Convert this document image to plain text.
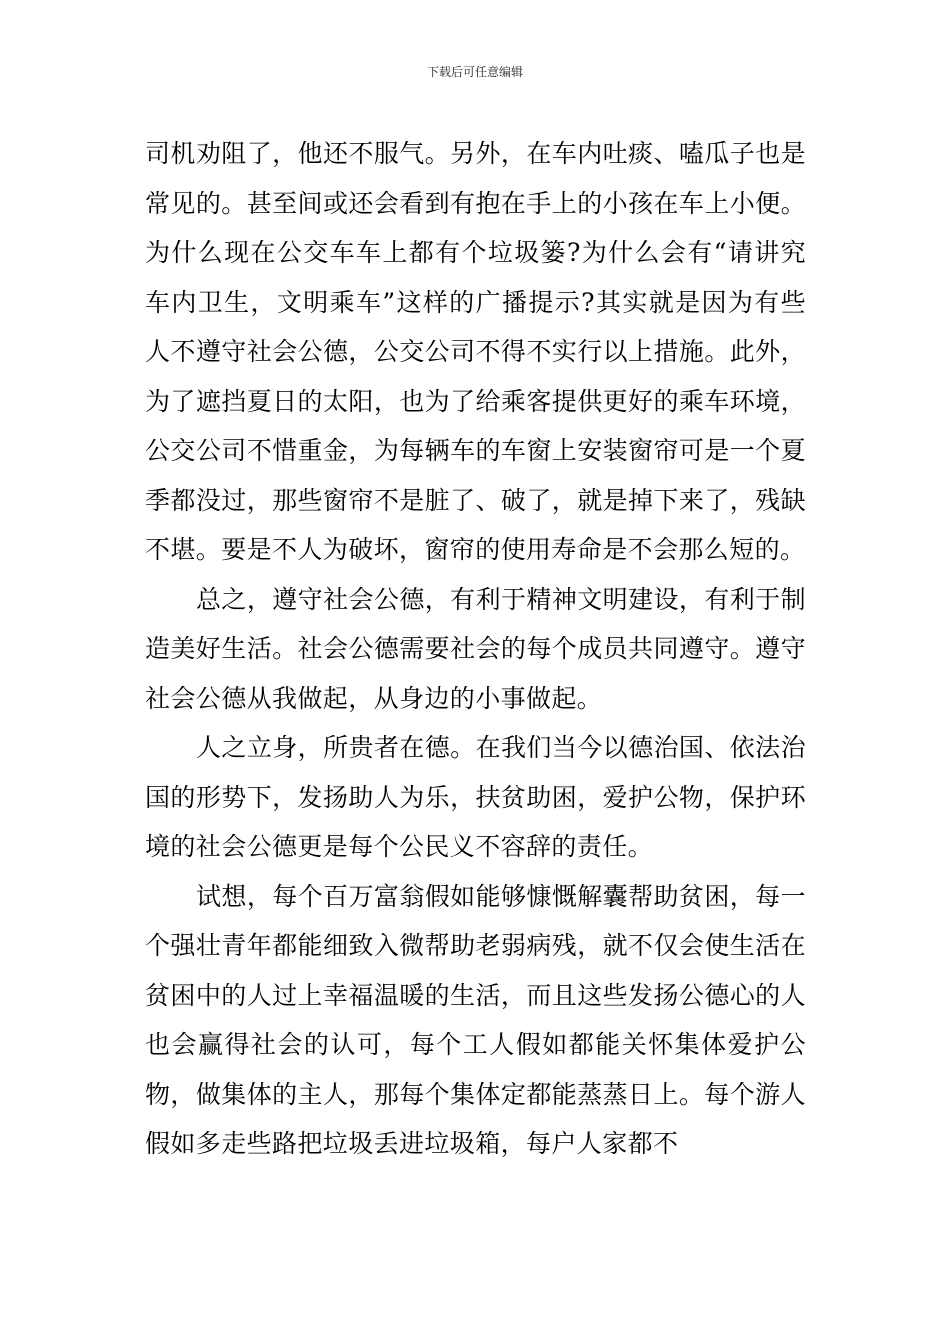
下载后可任意编辑

司机劝阻了，他还不服气。另外，在车内吐痰、嗑瓜子也是常见的。甚至间或还会看到有抱在手上的小孩在车上小便。为什么现在公交车车上都有个垃圾篓?为什么会有“请讲究车内卫生，文明乘车”这样的广播提示?其实就是因为有些人不遵守社会公德，公交公司不得不实行以上措施。此外，为了遮挡夏日的太阳，也为了给乘客提供更好的乘车环境，公交公司不惜重金，为每辆车的车窗上安装窗帘可是一个夏季都没过，那些窗帘不是脏了、破了，就是掉下来了，残缺不堪。要是不人为破坏，窗帘的使用寿命是不会那么短的。

总之，遵守社会公德，有利于精神文明建设，有利于制造美好生活。社会公德需要社会的每个成员共同遵守。遵守社会公德从我做起，从身边的小事做起。

人之立身，所贵者在德。在我们当今以德治国、依法治国的形势下，发扬助人为乐，扶贫助困，爱护公物，保护环境的社会公德更是每个公民义不容辞的责任。

试想，每个百万富翁假如能够慷慨解囊帮助贫困，每一个强壮青年都能细致入微帮助老弱病残，就不仅会使生活在贫困中的人过上幸福温暖的生活，而且这些发扬公德心的人也会赢得社会的认可，每个工人假如都能关怀集体爱护公物，做集体的主人，那每个集体定都能蒸蒸日上。每个游人假如多走些路把垃圾丢进垃圾箱，每户人家都不
